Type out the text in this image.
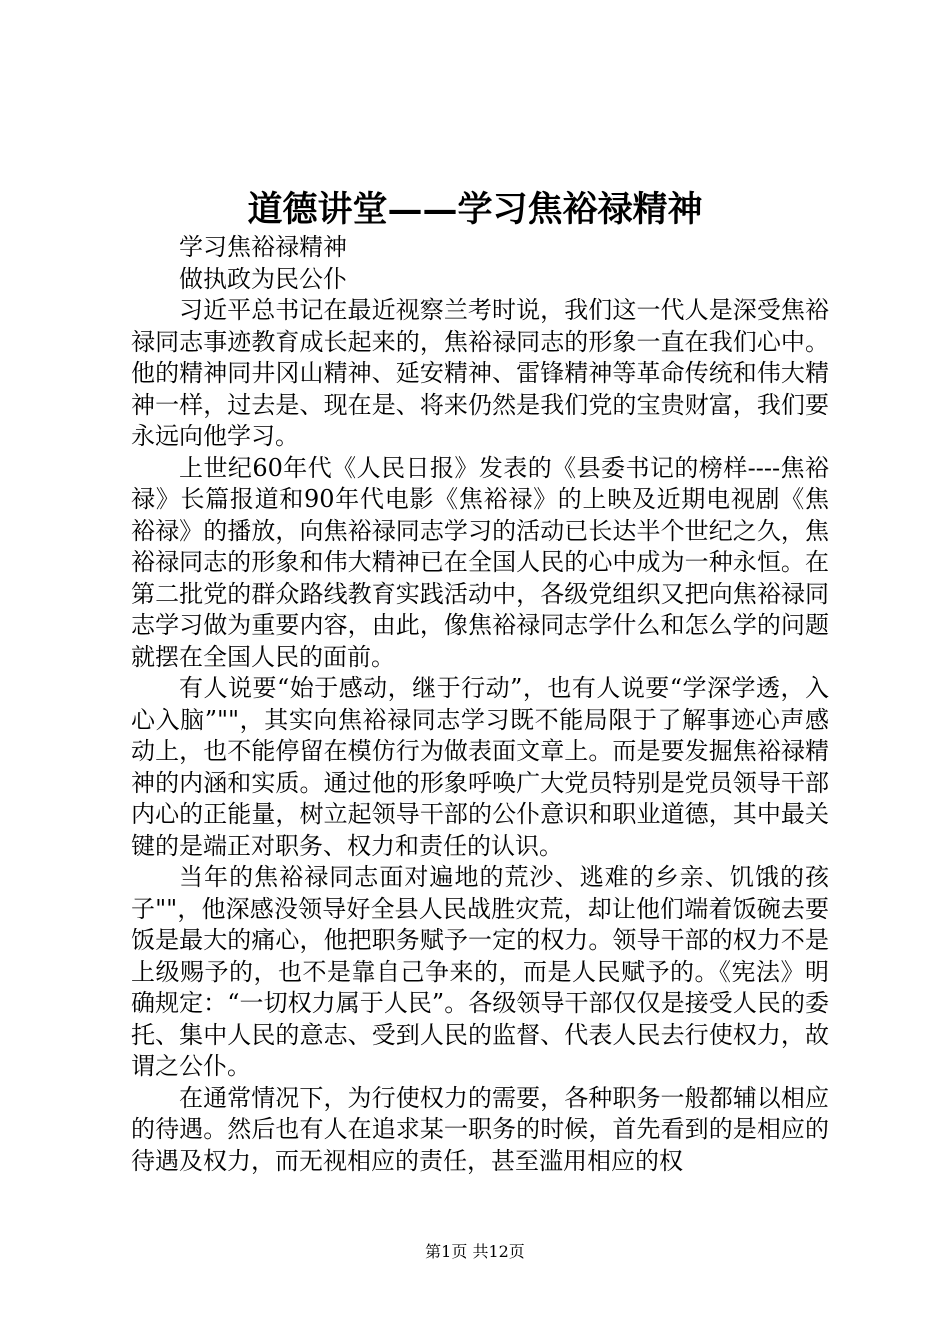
道德讲堂——学习焦裕禄精神

学习焦裕禄精神

做执政为民公仆

习近平总书记在最近视察兰考时说，我们这一代人是深受焦裕禄同志事迹教育成长起来的，焦裕禄同志的形象一直在我们心中。他的精神同井冈山精神、延安精神、雷锋精神等革命传统和伟大精神一样，过去是、现在是、将来仍然是我们党的宝贵财富，我们要永远向他学习。

上世纪60年代《人民日报》发表的《县委书记的榜样----焦裕禄》长篇报道和90年代电影《焦裕禄》的上映及近期电视剧《焦裕禄》的播放，向焦裕禄同志学习的活动已长达半个世纪之久，焦裕禄同志的形象和伟大精神已在全国人民的心中成为一种永恒。在第二批党的群众路线教育实践活动中，各级党组织又把向焦裕禄同志学习做为重要内容，由此，像焦裕禄同志学什么和怎么学的问题就摆在全国人民的面前。

有人说要“始于感动，继于行动”，也有人说要“学深学透，入心入脑”""，其实向焦裕禄同志学习既不能局限于了解事迹心声感动上，也不能停留在模仿行为做表面文章上。而是要发掘焦裕禄精神的内涵和实质。通过他的形象呼唤广大党员特别是党员领导干部内心的正能量，树立起领导干部的公仆意识和职业道德，其中最关键的是端正对职务、权力和责任的认识。

当年的焦裕禄同志面对遍地的荒沙、逃难的乡亲、饥饿的孩子""，他深感没领导好全县人民战胜灾荒，却让他们端着饭碗去要饭是最大的痛心，他把职务赋予一定的权力。领导干部的权力不是上级赐予的，也不是靠自己争来的，而是人民赋予的。《宪法》明确规定：“一切权力属于人民”。各级领导干部仅仅是接受人民的委托、集中人民的意志、受到人民的监督、代表人民去行使权力，故谓之公仆。

在通常情况下，为行使权力的需要，各种职务一般都辅以相应的待遇。然后也有人在追求某一职务的时候，首先看到的是相应的待遇及权力，而无视相应的责任，甚至滥用相应的权

第1页 共12页
